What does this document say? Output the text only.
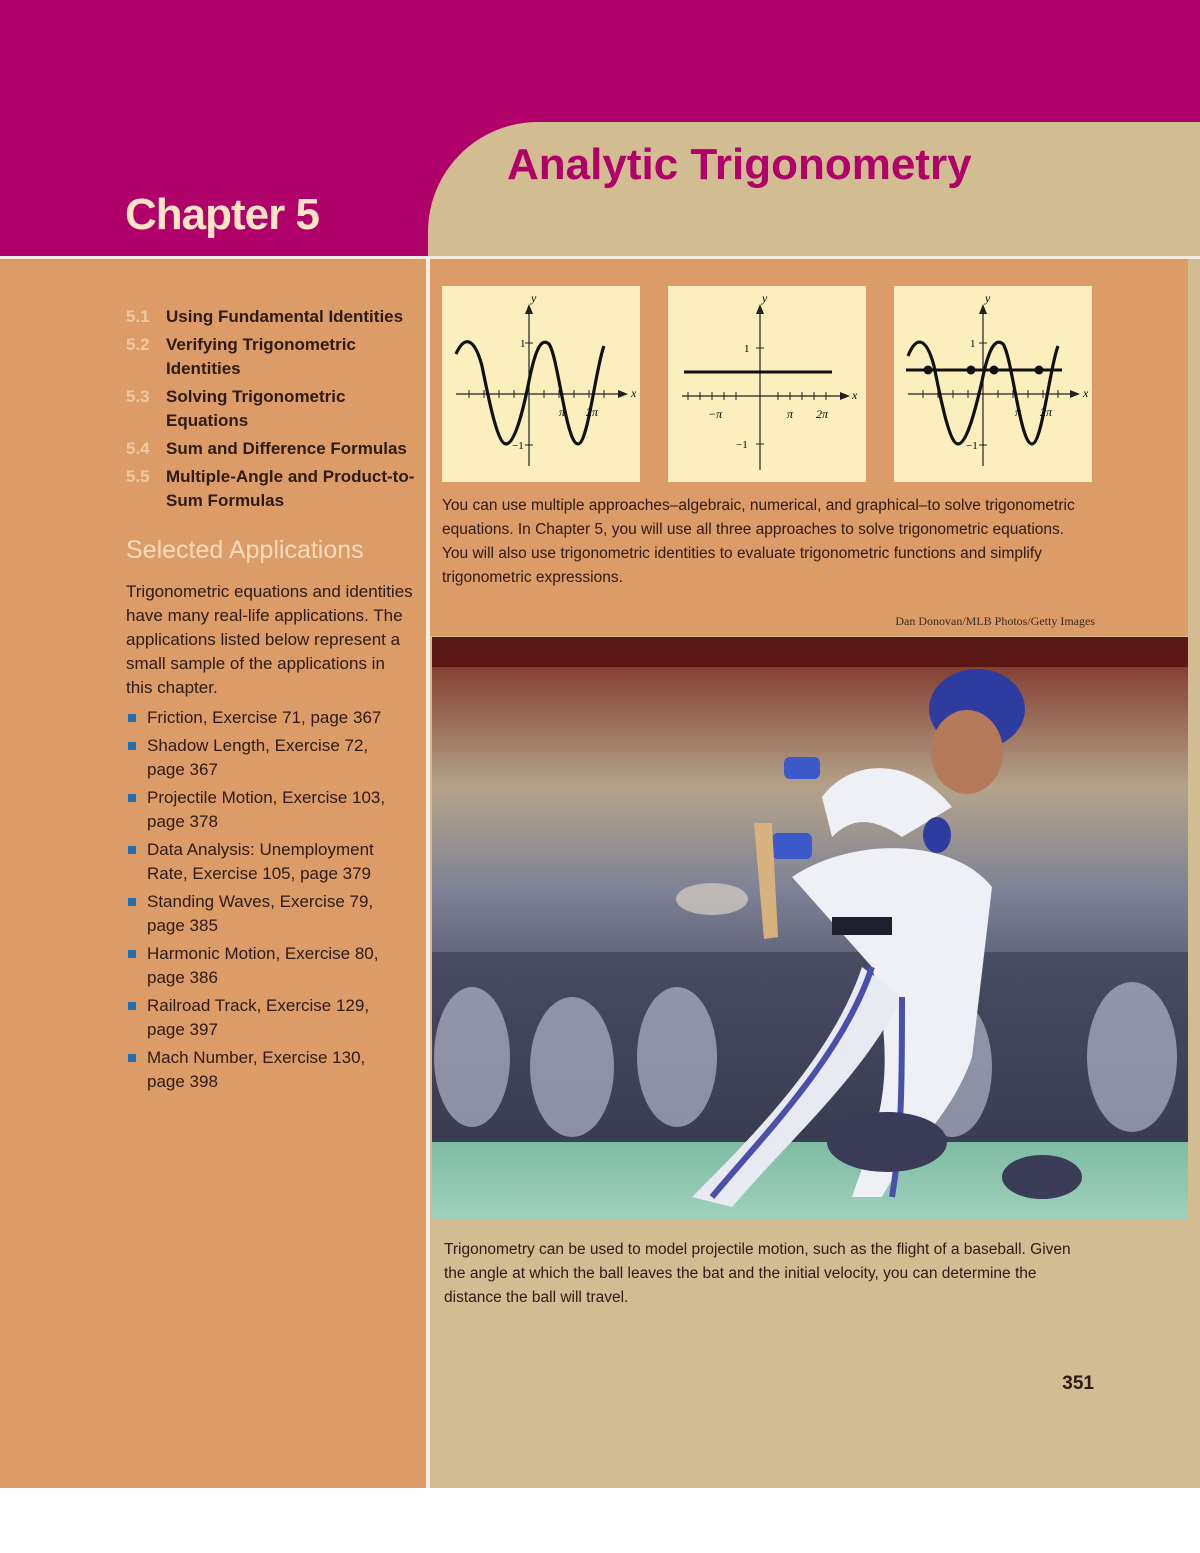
Chapter 5
Analytic Trigonometry
5.1 Using Fundamental Identities
5.2 Verifying Trigonometric Identities
5.3 Solving Trigonometric Equations
5.4 Sum and Difference Formulas
5.5 Multiple-Angle and Product-to-Sum Formulas
Selected Applications
Trigonometric equations and identities have many real-life applications. The applications listed below represent a small sample of the applications in this chapter.
Friction, Exercise 71, page 367
Shadow Length, Exercise 72,
page 367
Projectile Motion, Exercise 103,
page 378
Data Analysis: Unemployment
Rate, Exercise 105, page 379
Standing Waves, Exercise 79,
page 385
Harmonic Motion, Exercise 80,
page 386
Railroad Track, Exercise 129,
page 397
Mach Number, Exercise 130,
page 398
y
x
π 2π
1
−1
y
x
−π	π 2π
1
−1
y
x
π 2π
1
−1
You can use multiple approaches–algebraic, numerical, and graphical–to solve trigonometric equations. In Chapter 5, you will use all three approaches to solve trigonometric equations. You will also use trigonometric identities to evaluate trigonometric functions and simplify trigonometric expressions.
Dan Donovan/MLB Photos/Getty Images
Trigonometry can be used to model projectile motion, such as the flight of a baseball. Given the angle at which the ball leaves the bat and the initial velocity, you can determine the distance the ball will travel.
351
